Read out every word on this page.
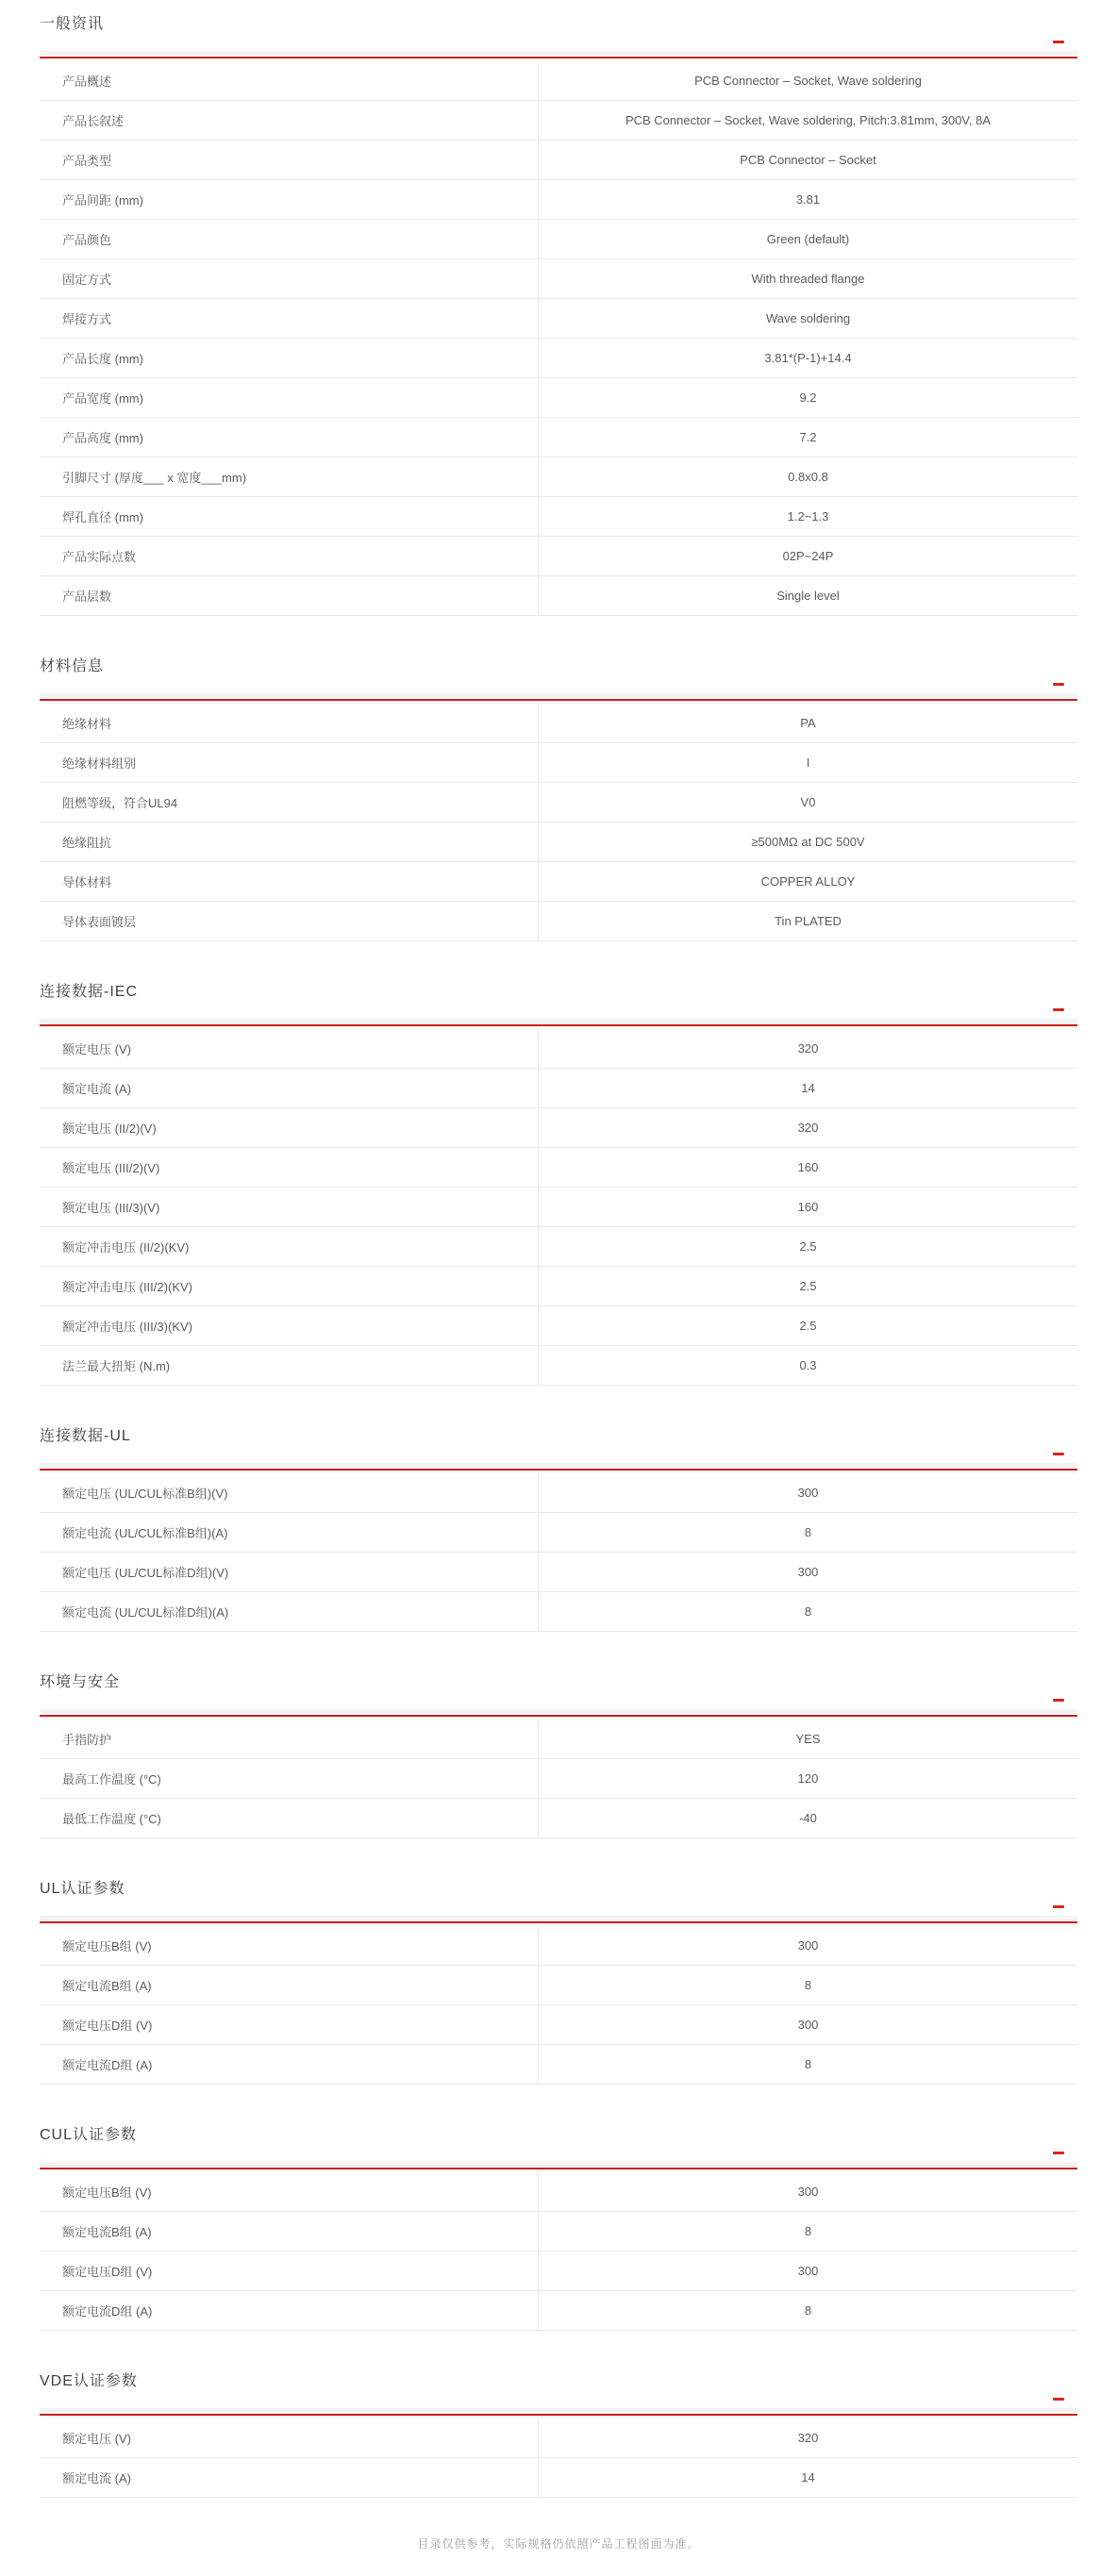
一般资讯
产品概述	PCB Connector – Socket, Wave soldering
产品长叙述	PCB Connector – Socket, Wave soldering, Pitch:3.81mm, 300V, 8A
产品类型	PCB Connector – Socket
产品间距 (mm)	3.81
产品颜色	Green (default)
固定方式	With threaded flange
焊接方式	Wave soldering
产品长度 (mm)	3.81*(P-1)+14.4
产品宽度 (mm)	9.2
产品高度 (mm)	7.2
引脚尺寸 (厚度___ x 宽度___mm)	0.8x0.8
焊孔直径 (mm)	1.2~1.3
产品实际点数	02P~24P
产品层数	Single level
材料信息
绝缘材料	PA
绝缘材料组别	I
阻燃等级，符合UL94	V0
绝缘阻抗	≥500MΩ at DC 500V
导体材料	COPPER ALLOY
导体表面镀层	Tin PLATED
连接数据-IEC
额定电压 (V)	320
额定电流 (A)	14
额定电压 (II/2)(V)	320
额定电压 (III/2)(V)	160
额定电压 (III/3)(V)	160
额定冲击电压 (II/2)(KV)	2.5
额定冲击电压 (III/2)(KV)	2.5
额定冲击电压 (III/3)(KV)	2.5
法兰最大扭矩 (N.m)	0.3
连接数据-UL
额定电压 (UL/CUL标准B组)(V)	300
额定电流 (UL/CUL标准B组)(A)	8
额定电压 (UL/CUL标准D组)(V)	300
额定电流 (UL/CUL标准D组)(A)	8
环境与安全
手指防护	YES
最高工作温度 (°C)	120
最低工作温度 (°C)	-40
UL认证参数
额定电压B组 (V)	300
额定电流B组 (A)	8
额定电压D组 (V)	300
额定电流D组 (A)	8
CUL认证参数
额定电压B组 (V)	300
额定电流B组 (A)	8
额定电压D组 (V)	300
额定电流D组 (A)	8
VDE认证参数
额定电压 (V)	320
额定电流 (A)	14
目录仅供参考，实际规格仍依照产品工程图面为准。
